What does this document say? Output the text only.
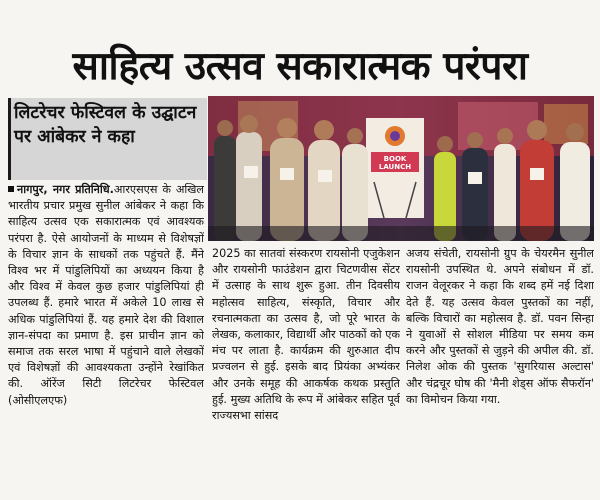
साहित्य उत्सव सकारात्मक परंपरा
लिटरेचर फेस्टिवल के उद्घाटन पर आंबेकर ने कहा
BOOK
LAUNCH
नागपुर, नगर प्रतिनिधि.आरएसएस के अखिल भारतीय प्रचार प्रमुख सुनील आंबेकर ने कहा कि साहित्य उत्सव एक सकारात्मक एवं आवश्यक परंपरा है. ऐसे आयोजनों के माध्यम से विशेषज्ञों के विचार ज्ञान के साधकों तक पहुंचते हैं. मैंने विश्व भर में पांडुलिपियों का अध्ययन किया है और विश्व में केवल कुछ हजार पांडुलिपियां ही उपलब्ध हैं. हमारे भारत में अकेले 10 लाख से अधिक पांडुलिपियां हैं. यह हमारे देश की विशाल ज्ञान-संपदा का प्रमाण है. इस प्राचीन ज्ञान को समाज तक सरल भाषा में पहुंचाने वाले लेखकों एवं विशेषज्ञों की आवश्यकता उन्होंने रेखांकित की. ऑरेंज सिटी लिटरेचर फेस्टिवल (ओसीएलएफ)
2025 का सातवां संस्करण रायसोनी एजुकेशन और रायसोनी फाउंडेशन द्वारा चिटणवीस सेंटर में उत्साह के साथ शुरू हुआ. तीन दिवसीय महोत्सव साहित्य, संस्कृति, विचार और रचनात्मकता का उत्सव है, जो पूरे भारत के लेखक, कलाकार, विद्यार्थी और पाठकों को एक मंच पर लाता है. कार्यक्रम की शुरुआत दीप प्रज्वलन से हुई. इसके बाद प्रियंका अभ्यंकर और उनके समूह की आकर्षक कथक प्रस्तुति हुई. मुख्य अतिथि के रूप में आंबेकर सहित पूर्व राज्यसभा सांसद
अजय संचेती, रायसोनी ग्रुप के चेयरमैन सुनील रायसोनी उपस्थित थे. अपने संबोधन में डॉ. राजन वेलूरकर ने कहा कि शब्द हमें नई दिशा देते हैं. यह उत्सव केवल पुस्तकों का नहीं, बल्कि विचारों का महोत्सव है. डॉ. पवन सिन्हा ने युवाओं से सोशल मीडिया पर समय कम करने और पुस्तकों से जुड़ने की अपील की. डॉ. निलेश ओक की पुस्तक 'सुगरियास अल्टास' और चंद्रचूर घोष की 'मैनी शेड्स ऑफ सैफरॉन' का विमोचन किया गया.
